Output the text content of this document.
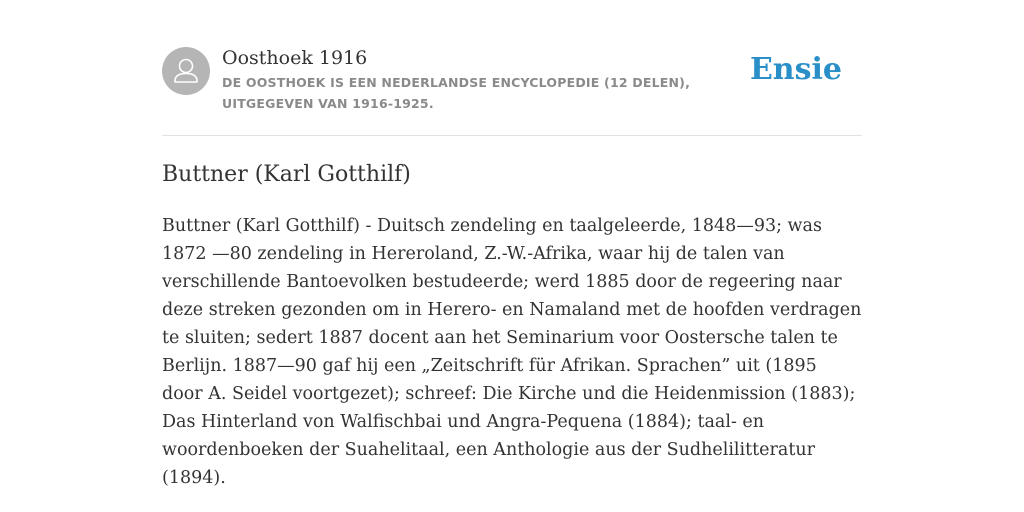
Oosthoek 1916
DE OOSTHOEK IS EEN NEDERLANDSE ENCYCLOPEDIE (12 DELEN), UITGEGEVEN VAN 1916-1925.
Ensie
Buttner (Karl Gotthilf)

Buttner (Karl Gotthilf) - Duitsch zendeling en taalgeleerde, 1848—93; was 1872 —80 zendeling in Hereroland, Z.-W.-Afrika, waar hij de talen van verschillende Bantoevolken bestudeerde; werd 1885 door de regeering naar deze streken gezonden om in Herero- en Namaland met de hoofden verdragen te sluiten; sedert 1887 docent aan het Seminarium voor Oostersche talen te Berlijn. 1887—90 gaf hij een „Zeitschrift für Afrikan. Sprachen” uit (1895 door A. Seidel voortgezet); schreef: Die Kirche und die Heidenmission (1883); Das Hinterland von Walfischbai und Angra-Pequena (1884); taal- en woordenboeken der Suahelitaal, een Anthologie aus der Sudhelilitteratur (1894).
